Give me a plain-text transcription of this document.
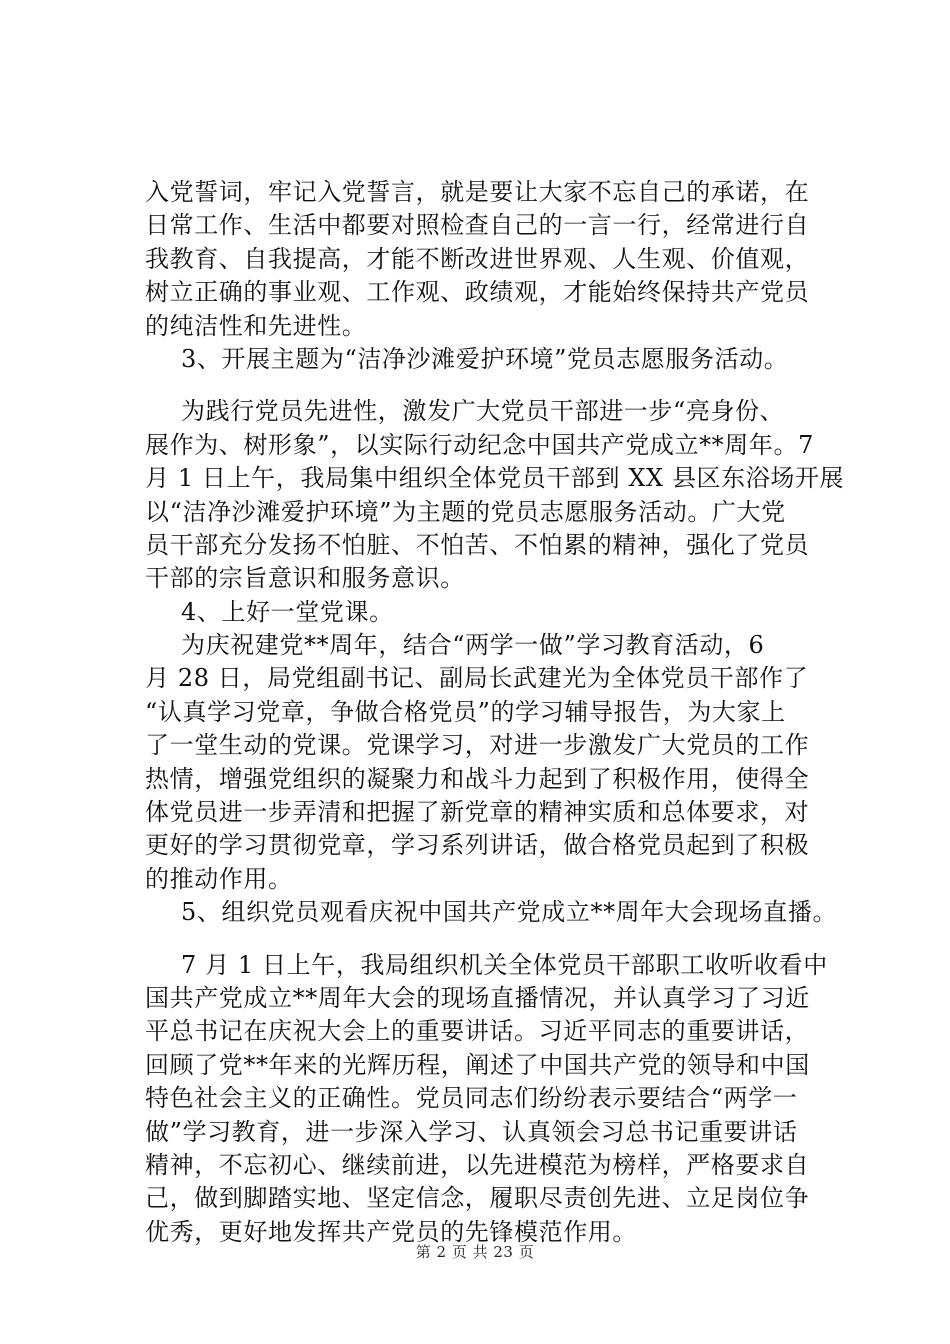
入党誓词，牢记入党誓言，就是要让大家不忘自己的承诺，在
日常工作、生活中都要对照检查自己的一言一行，经常进行自
我教育、自我提高，才能不断改进世界观、人生观、价值观，
树立正确的事业观、工作观、政绩观，才能始终保持共产党员
的纯洁性和先进性。
3、开展主题为“洁净沙滩爱护环境”党员志愿服务活动。
为践行党员先进性，激发广大党员干部进一步“亮身份、
展作为、树形象”，以实际行动纪念中国共产党成立**周年。7
月 1 日上午，我局集中组织全体党员干部到 XX 县区东浴场开展
以“洁净沙滩爱护环境”为主题的党员志愿服务活动。广大党
员干部充分发扬不怕脏、不怕苦、不怕累的精神，强化了党员
干部的宗旨意识和服务意识。
4、上好一堂党课。
为庆祝建党**周年，结合“两学一做”学习教育活动，6
月 28 日，局党组副书记、副局长武建光为全体党员干部作了
“认真学习党章，争做合格党员”的学习辅导报告，为大家上
了一堂生动的党课。党课学习，对进一步激发广大党员的工作
热情，增强党组织的凝聚力和战斗力起到了积极作用，使得全
体党员进一步弄清和把握了新党章的精神实质和总体要求，对
更好的学习贯彻党章，学习系列讲话，做合格党员起到了积极
的推动作用。
5、组织党员观看庆祝中国共产党成立**周年大会现场直播。
7 月 1 日上午，我局组织机关全体党员干部职工收听收看中
国共产党成立**周年大会的现场直播情况，并认真学习了习近
平总书记在庆祝大会上的重要讲话。习近平同志的重要讲话，
回顾了党**年来的光辉历程，阐述了中国共产党的领导和中国
特色社会主义的正确性。党员同志们纷纷表示要结合“两学一
做”学习教育，进一步深入学习、认真领会习总书记重要讲话
精神，不忘初心、继续前进，以先进模范为榜样，严格要求自
己，做到脚踏实地、坚定信念，履职尽责创先进、立足岗位争
优秀，更好地发挥共产党员的先锋模范作用。
第 2 页 共 23 页
